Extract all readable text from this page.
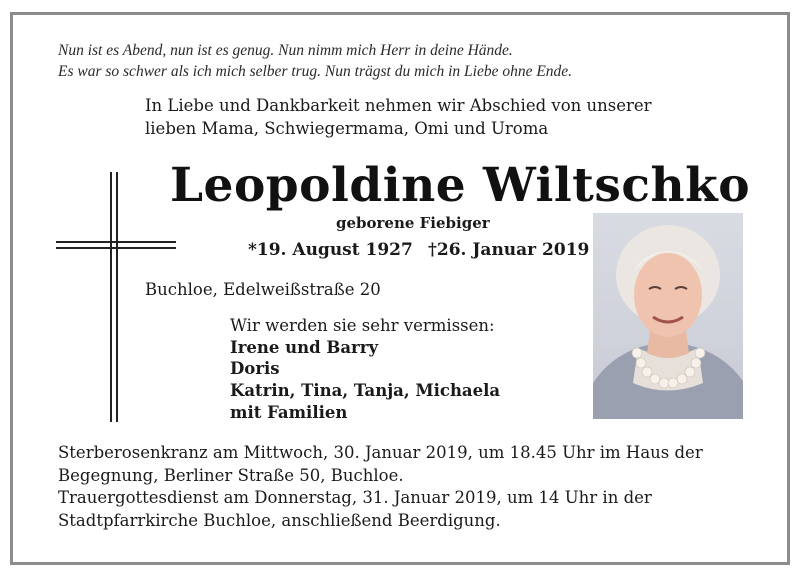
Nun ist es Abend, nun ist es genug. Nun nimm mich Herr in deine Hände.
Es war so schwer als ich mich selber trug. Nun trägst du mich in Liebe ohne Ende.
In Liebe und Dankbarkeit nehmen wir Abschied von unserer
lieben Mama, Schwiegermama, Omi und Uroma
Leopoldine Wiltschko
geborene Fiebiger
*19. August 1927 †26. Januar 2019
Buchloe, Edelweißstraße 20
Wir werden sie sehr vermissen:
Irene und Barry
Doris
Katrin, Tina, Tanja, Michaela
mit Familien
Sterberosenkranz am Mittwoch, 30. Januar 2019, um 18.45 Uhr im Haus der
Begegnung, Berliner Straße 50, Buchloe.
Trauergottesdienst am Donnerstag, 31. Januar 2019, um 14 Uhr in der
Stadtpfarrkirche Buchloe, anschließend Beerdigung.
